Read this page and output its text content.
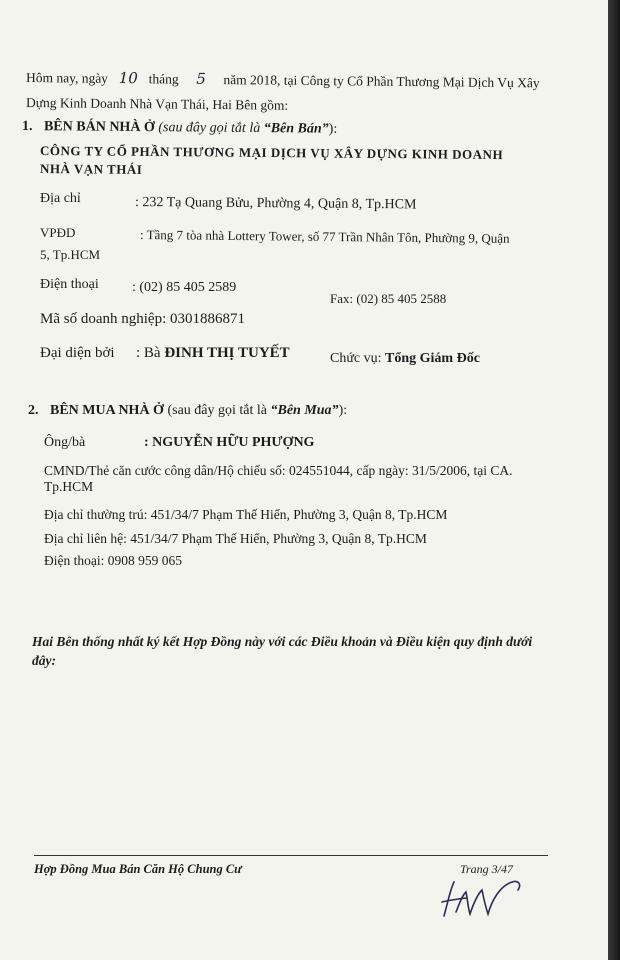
Hôm nay, ngày 10 tháng 5 năm 2018, tại Công ty Cổ Phần Thương Mại Dịch Vụ Xây
Dựng Kinh Doanh Nhà Vạn Thái, Hai Bên gồm:
1. BÊN BÁN NHÀ Ở (sau đây gọi tắt là “Bên Bán”):
CÔNG TY CỔ PHẦN THƯƠNG MẠI DỊCH VỤ XÂY DỰNG KINH DOANH
NHÀ VẠN THÁI
Địa chỉ	: 232 Tạ Quang Bửu, Phường 4, Quận 8, Tp.HCM
VPĐD	: Tầng 7 tòa nhà Lottery Tower, số 77 Trần Nhân Tôn, Phường 9, Quận
5, Tp.HCM
Điện thoại : (02) 85 405 2589
Fax: (02) 85 405 2588
Mã số doanh nghiệp: 0301886871
Đại diện bởi : Bà ĐINH THỊ TUYẾT	Chức vụ: Tổng Giám Đốc
2. BÊN MUA NHÀ Ở (sau đây gọi tắt là “Bên Mua”):
Ông/bà	: NGUYỄN HỮU PHƯỢNG
CMND/Thẻ căn cước công dân/Hộ chiếu số: 024551044, cấp ngày: 31/5/2006, tại CA.
Tp.HCM
Địa chỉ thường trú: 451/34/7 Phạm Thế Hiển, Phường 3, Quận 8, Tp.HCM
Địa chỉ liên hệ: 451/34/7 Phạm Thế Hiển, Phường 3, Quận 8, Tp.HCM
Điện thoại: 0908 959 065
Hai Bên thống nhất ký kết Hợp Đồng này với các Điều khoản và Điều kiện quy định dưới
đây:
Hợp Đồng Mua Bán Căn Hộ Chung Cư	Trang 3/47
